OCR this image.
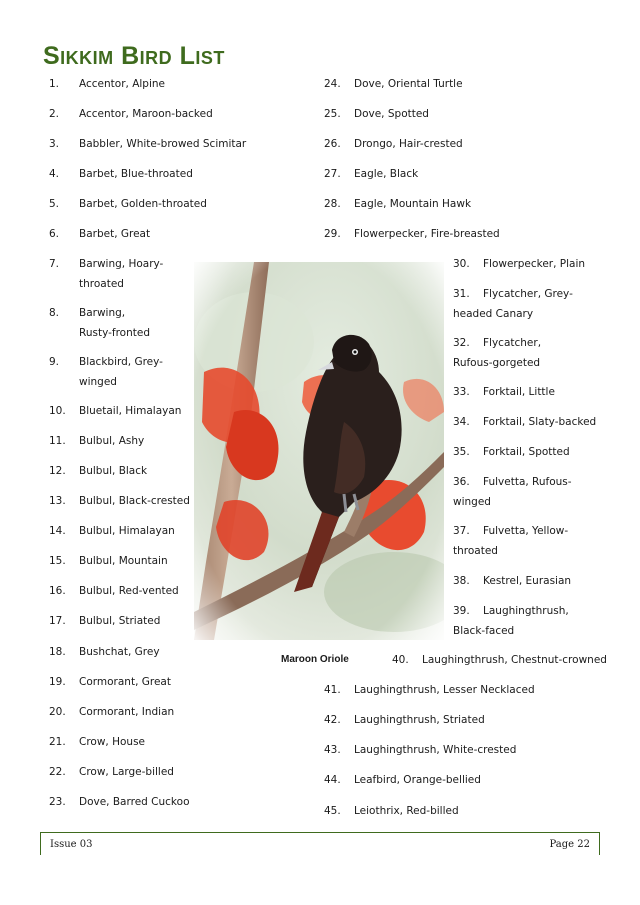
Sikkim Bird List
1. Accentor, Alpine
2. Accentor, Maroon-backed
3. Babbler, White-browed Scimitar
4. Barbet, Blue-throated
5. Barbet, Golden-throated
6. Barbet, Great
7. Barwing, Hoary-throated
8. Barwing, Rusty-fronted
9. Blackbird, Grey-winged
10. Bluetail, Himalayan
11. Bulbul, Ashy
12. Bulbul, Black
13. Bulbul, Black-crested
14. Bulbul, Himalayan
15. Bulbul, Mountain
16. Bulbul, Red-vented
17. Bulbul, Striated
18. Bushchat, Grey
19. Cormorant, Great
20. Cormorant, Indian
21. Crow, House
22. Crow, Large-billed
23. Dove, Barred Cuckoo
24. Dove, Oriental Turtle
25. Dove, Spotted
26. Drongo, Hair-crested
27. Eagle, Black
28. Eagle, Mountain Hawk
29. Flowerpecker, Fire-breasted
30. Flowerpecker, Plain
31.	Flycatcher, Grey-headed Canary
32.	Flycatcher, Rufous-gorgeted
33. Forktail, Little
34. Forktail, Slaty-backed
35. Forktail, Spotted
36.	Fulvetta, Rufous-winged
37.	Fulvetta, Yellow-throated
38. Kestrel, Eurasian
39.	Laughingthrush, Black-faced
40. Laughingthrush, Chestnut-crowned
41. Laughingthrush, Lesser Necklaced
42. Laughingthrush, Striated
43. Laughingthrush, White-crested
44. Leafbird, Orange-bellied
45. Leiothrix, Red-billed
Maroon Oriole
Issue 03	Page 22
